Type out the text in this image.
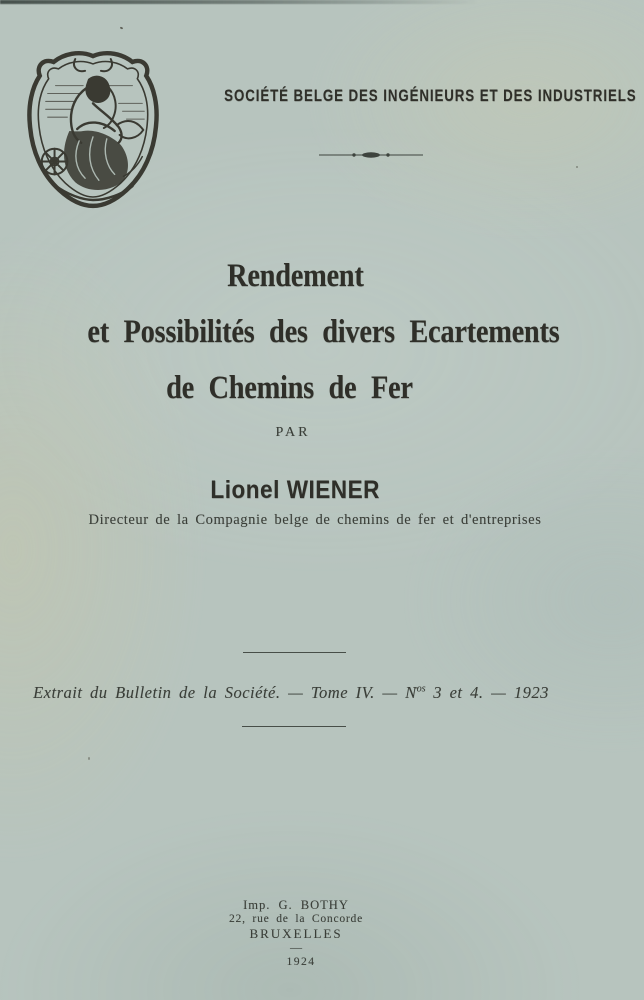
SOCIÉTÉ BELGE DES INGÉNIEURS ET DES INDUSTRIELS
Rendement
et Possibilités des divers Ecartements
de Chemins de Fer
PAR
Lionel WIENER
Directeur de la Compagnie belge de chemins de fer et d'entreprises
Extrait du Bulletin de la Société. — Tome IV. — $N^{os}$ 3 et 4. — 1923
Imp. G. BOTHY
22, rue de la Concorde
BRUXELLES
—
1924
